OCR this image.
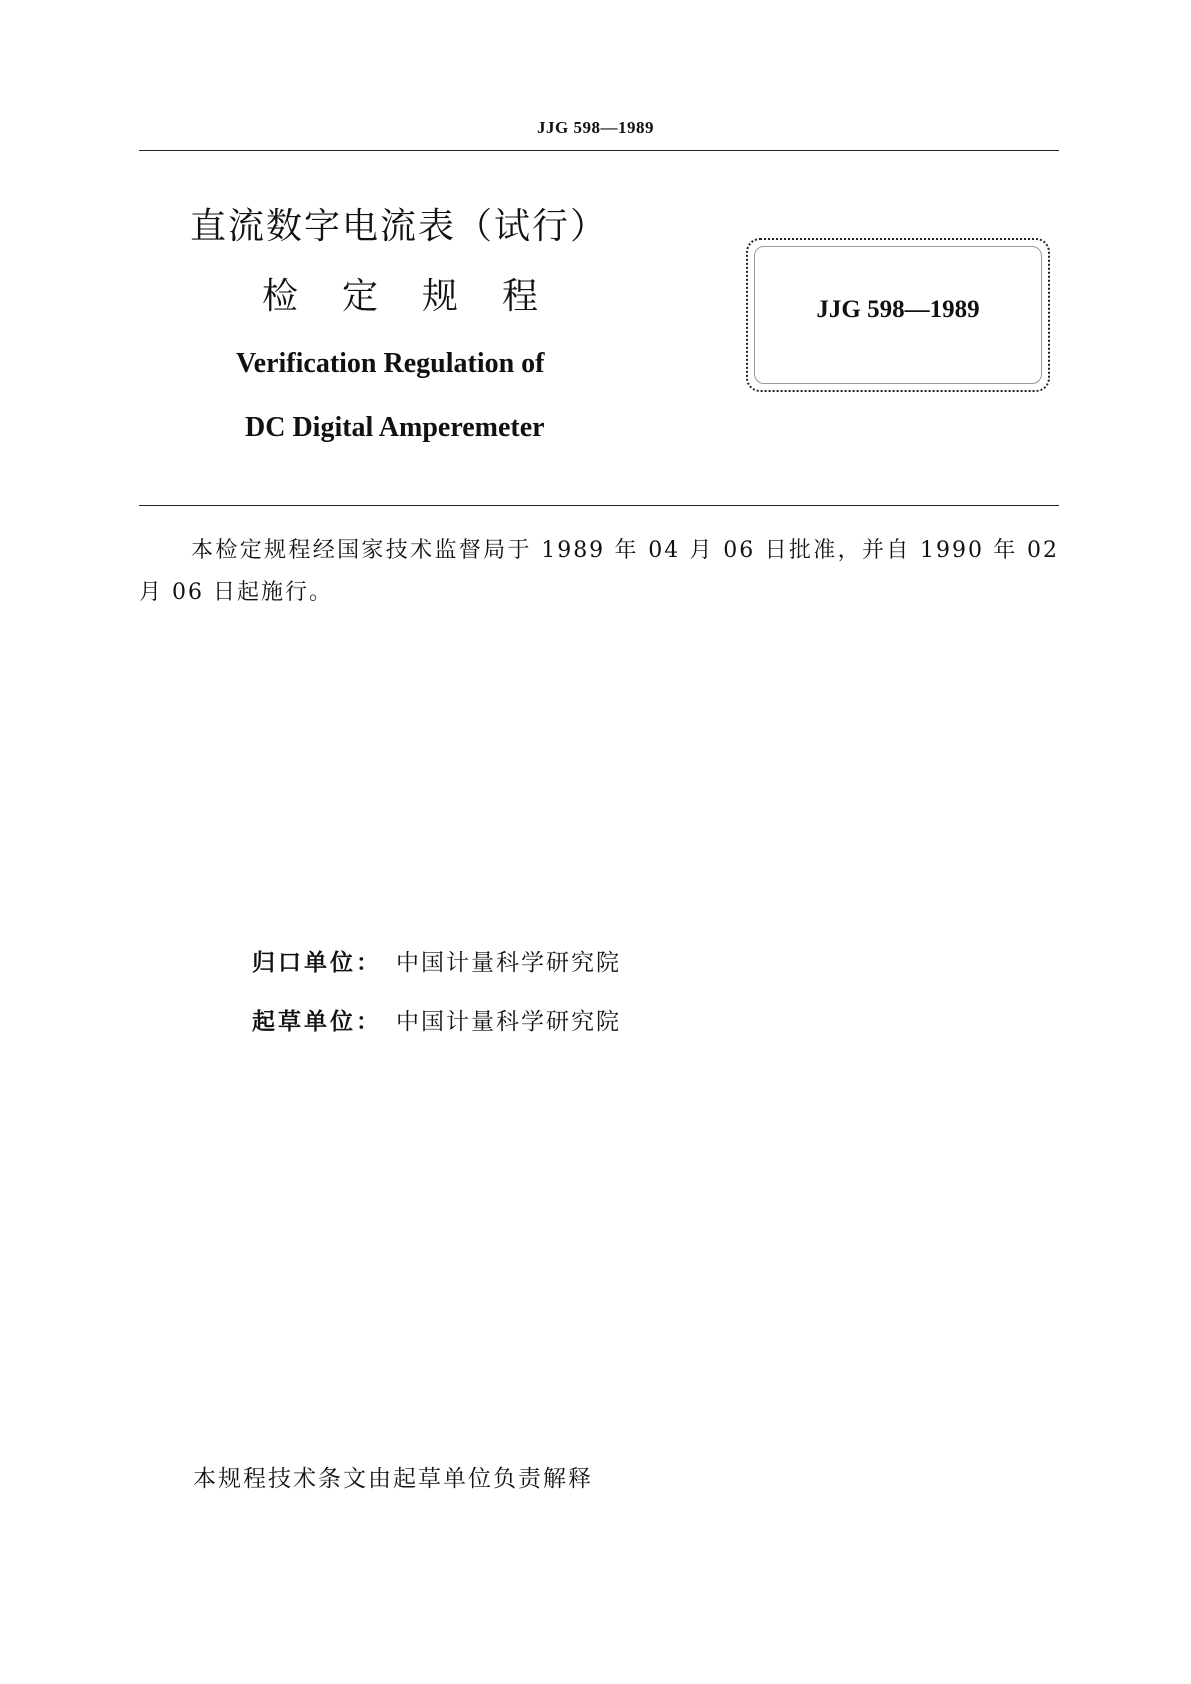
JJG 598—1989
直流数字电流表（试行）
检定规程
Verification Regulation of
DC Digital Amperemeter
JJG 598—1989
本检定规程经国家技术监督局于 1989 年 04 月 06 日批准，并自 1990 年 02 月 06 日起施行。
归口单位： 中国计量科学研究院
起草单位： 中国计量科学研究院
本规程技术条文由起草单位负责解释
